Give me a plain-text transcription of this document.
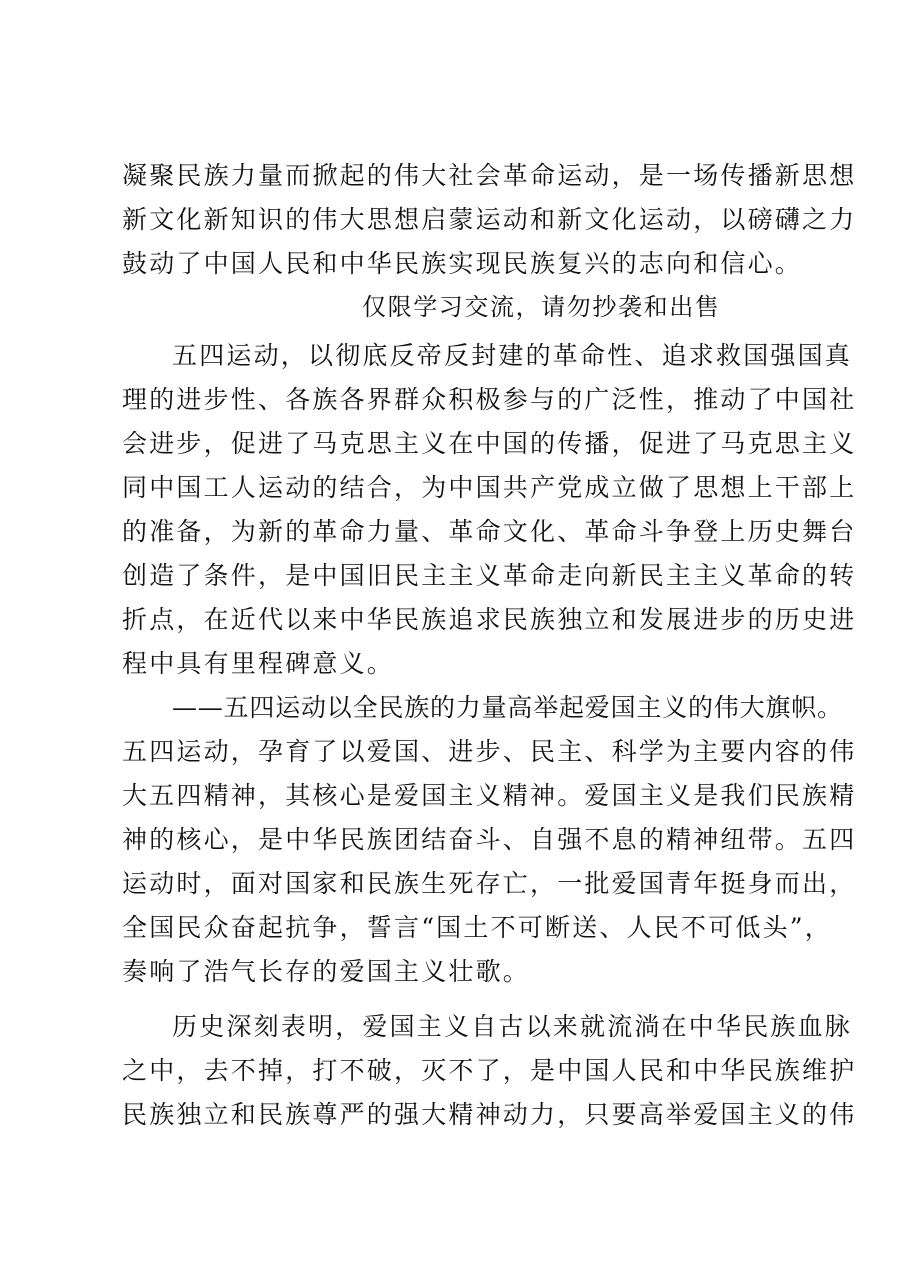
凝聚民族力量而掀起的伟大社会革命运动，是一场传播新思想
新文化新知识的伟大思想启蒙运动和新文化运动，以磅礴之力
鼓动了中国人民和中华民族实现民族复兴的志向和信心。
仅限学习交流，请勿抄袭和出售
五四运动，以彻底反帝反封建的革命性、追求救国强国真
理的进步性、各族各界群众积极参与的广泛性，推动了中国社
会进步，促进了马克思主义在中国的传播，促进了马克思主义
同中国工人运动的结合，为中国共产党成立做了思想上干部上
的准备，为新的革命力量、革命文化、革命斗争登上历史舞台
创造了条件，是中国旧民主主义革命走向新民主主义革命的转
折点，在近代以来中华民族追求民族独立和发展进步的历史进
程中具有里程碑意义。
——五四运动以全民族的力量高举起爱国主义的伟大旗帜。
五四运动，孕育了以爱国、进步、民主、科学为主要内容的伟
大五四精神，其核心是爱国主义精神。爱国主义是我们民族精
神的核心，是中华民族团结奋斗、自强不息的精神纽带。五四
运动时，面对国家和民族生死存亡，一批爱国青年挺身而出，
全国民众奋起抗争，誓言“国土不可断送、人民不可低头”，
奏响了浩气长存的爱国主义壮歌。
历史深刻表明，爱国主义自古以来就流淌在中华民族血脉
之中，去不掉，打不破，灭不了，是中国人民和中华民族维护
民族独立和民族尊严的强大精神动力，只要高举爱国主义的伟
